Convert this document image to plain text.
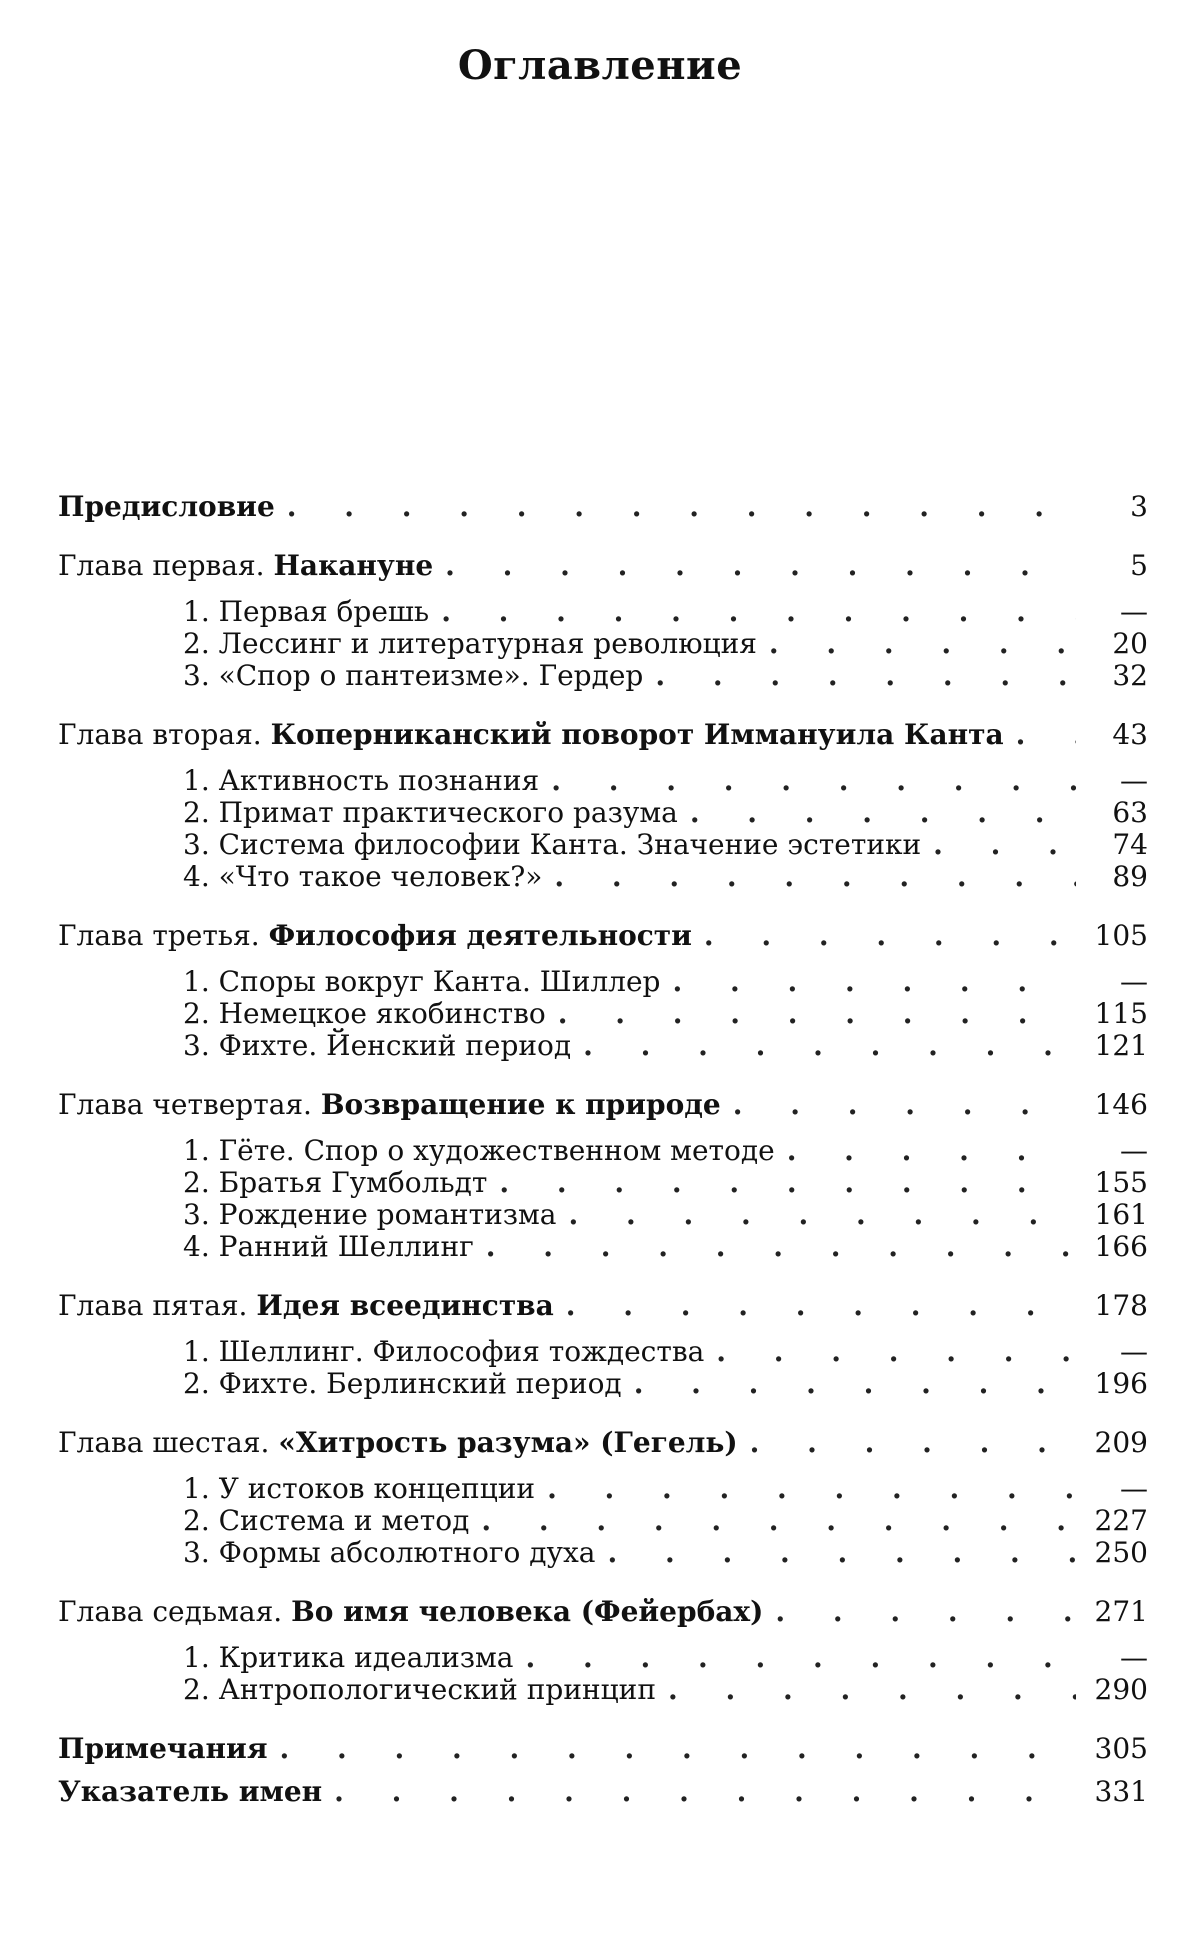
Оглавление
Предисловие . . .	3
Глава первая. Накануне . . .	5
1. Первая брешь . . .	—
2. Лессинг и литературная революция . . .	20
3. «Спор о пантеизме». Гердер . . .	32
Глава вторая. Коперниканский поворот Иммануила Канта . . .	43
1. Активность познания . . .	—
2. Примат практического разума . . .	63
3. Система философии Канта. Значение эстетики . . .	74
4. «Что такое человек?» . . .	89
Глава третья. Философия деятельности . . .	105
1. Споры вокруг Канта. Шиллер . . .	—
2. Немецкое якобинство . . .	115
3. Фихте. Йенский период . . .	121
Глава четвертая. Возвращение к природе . . .	146
1. Гёте. Спор о художественном методе . . .	—
2. Братья Гумбольдт . . .	155
3. Рождение романтизма . . .	161
4. Ранний Шеллинг . . .	166
Глава пятая. Идея всеединства . . .	178
1. Шеллинг. Философия тождества . . .	—
2. Фихте. Берлинский период . . .	196
Глава шестая. «Хитрость разума» (Гегель) . . .	209
1. У истоков концепции . . .	—
2. Система и метод . . .	227
3. Формы абсолютного духа . . .	250
Глава седьмая. Во имя человека (Фейербах) . . .	271
1. Критика идеализма . . .	—
2. Антропологический принцип . . .	290
Примечания . . .	305
Указатель имен . . .	331
